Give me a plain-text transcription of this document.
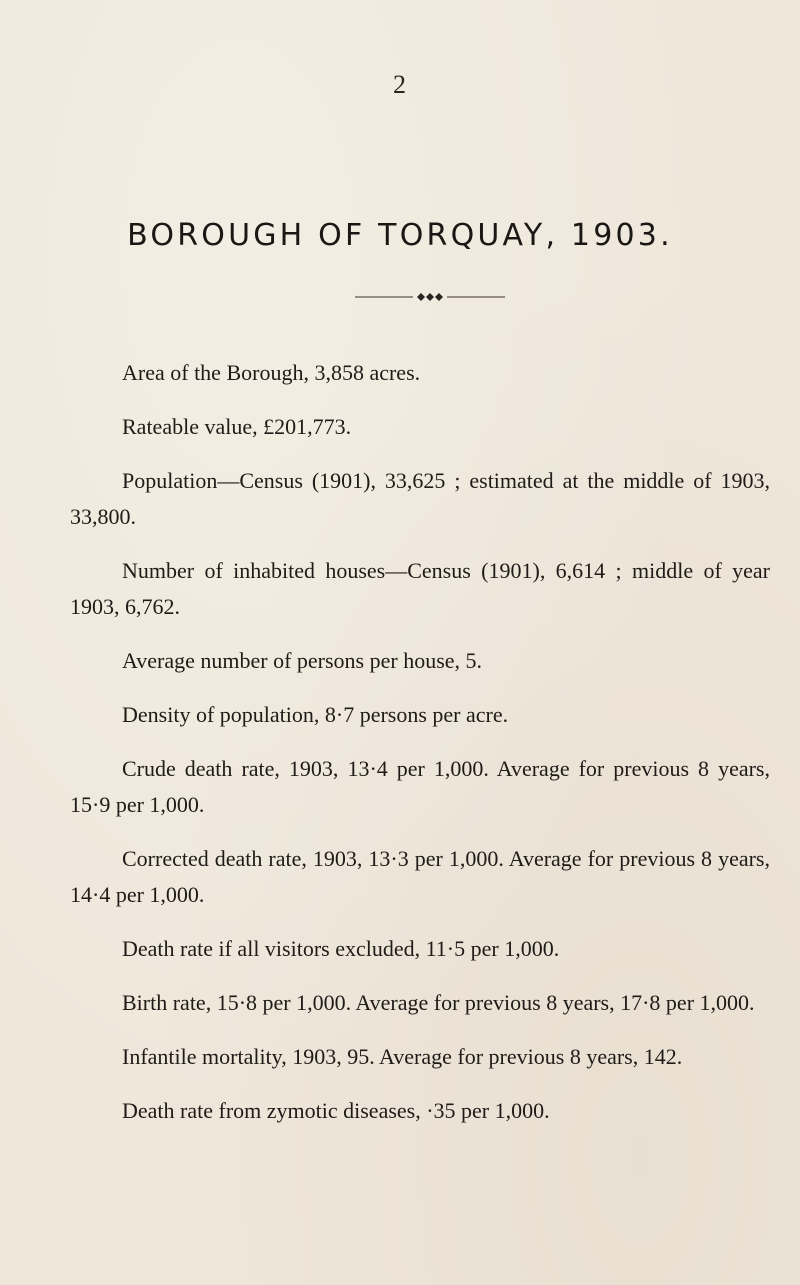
2
BOROUGH OF TORQUAY, 1903.

Area of the Borough, 3,858 acres.

Rateable value, £201,773.

Population—Census (1901), 33,625 ; estimated at the middle of 1903, 33,800.

Number of inhabited houses—Census (1901), 6,614 ; middle of year 1903, 6,762.

Average number of persons per house, 5.

Density of population, 8·7 persons per acre.

Crude death rate, 1903, 13·4 per 1,000. Average for previous 8 years, 15·9 per 1,000.

Corrected death rate, 1903, 13·3 per 1,000. Average for previous 8 years, 14·4 per 1,000.

Death rate if all visitors excluded, 11·5 per 1,000.

Birth rate, 15·8 per 1,000. Average for previous 8 years, 17·8 per 1,000.

Infantile mortality, 1903, 95. Average for previous 8 years, 142.

Death rate from zymotic diseases, ·35 per 1,000.
